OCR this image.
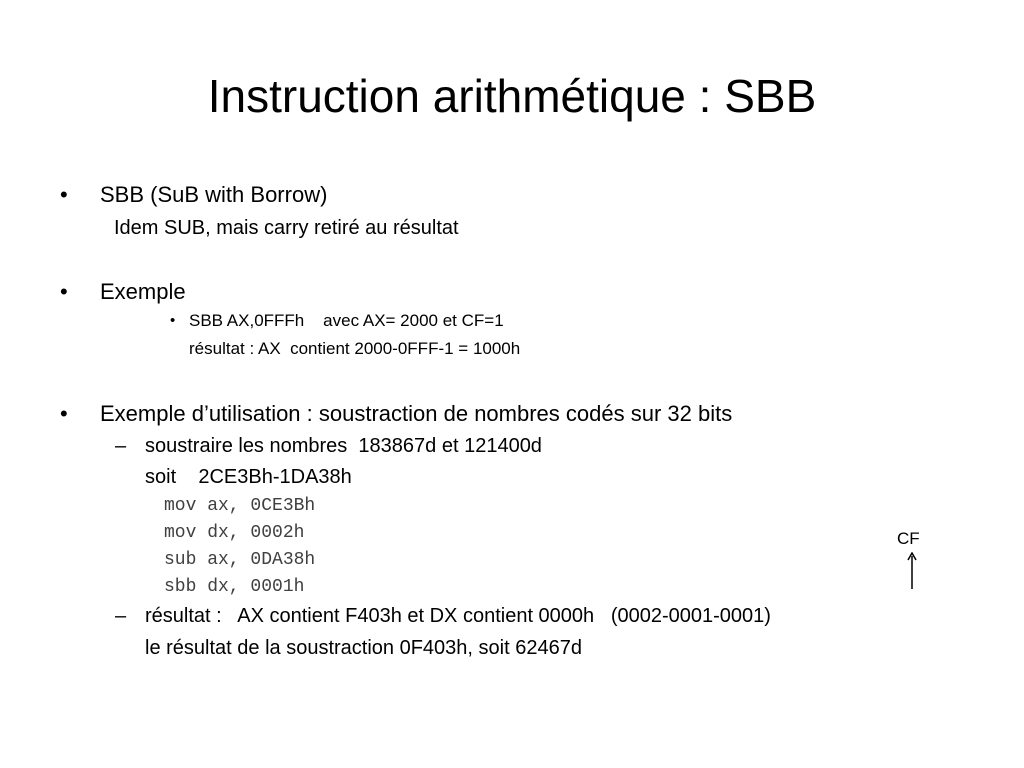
Instruction arithmétique : SBB
• SBB (SuB with Borrow)
Idem SUB, mais carry retiré au résultat
• Exemple
• SBB AX,0FFFh    avec AX= 2000 et CF=1
résultat : AX  contient 2000-0FFF-1 = 1000h
• Exemple d’utilisation : soustraction de nombres codés sur 32 bits
– soustraire les nombres  183867d et 121400d
soit    2CE3Bh-1DA38h
mov ax, 0CE3Bh
mov dx, 0002h
sub ax, 0DA38h
sbb dx, 0001h
– résultat :   AX contient F403h et DX contient 0000h   (0002-0001-0001)
le résultat de la soustraction 0F403h, soit 62467d
CF
